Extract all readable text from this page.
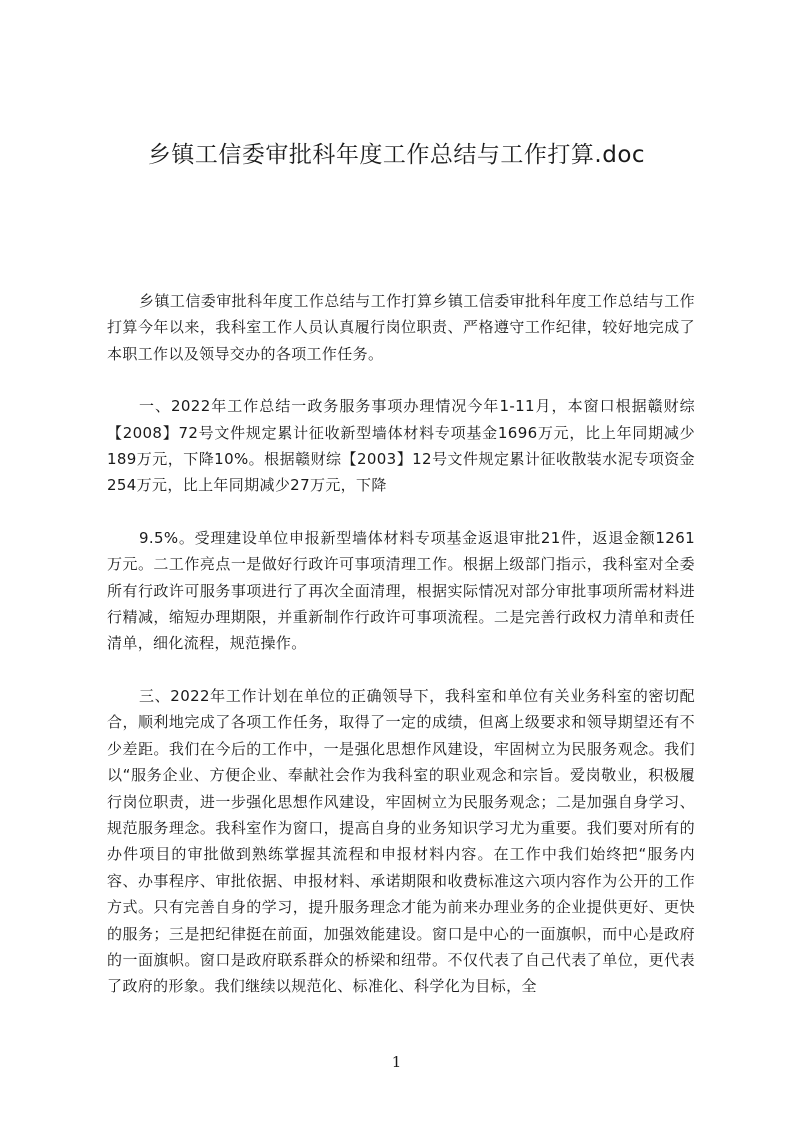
乡镇工信委审批科年度工作总结与工作打算.doc

乡镇工信委审批科年度工作总结与工作打算乡镇工信委审批科年度工作总结与工作打算今年以来，我科室工作人员认真履行岗位职责、严格遵守工作纪律，较好地完成了本职工作以及领导交办的各项工作任务。

一、2022年工作总结一政务服务事项办理情况今年1-11月，本窗口根据赣财综【2008】72号文件规定累计征收新型墙体材料专项基金1696万元，比上年同期减少189万元，下降10%。根据赣财综【2003】12号文件规定累计征收散装水泥专项资金254万元，比上年同期减少27万元，下降

9.5%。受理建设单位申报新型墙体材料专项基金返退审批21件，返退金额1261万元。二工作亮点一是做好行政许可事项清理工作。根据上级部门指示，我科室对全委所有行政许可服务事项进行了再次全面清理，根据实际情况对部分审批事项所需材料进行精减，缩短办理期限，并重新制作行政许可事项流程。二是完善行政权力清单和责任清单，细化流程，规范操作。

三、2022年工作计划在单位的正确领导下，我科室和单位有关业务科室的密切配合，顺利地完成了各项工作任务，取得了一定的成绩，但离上级要求和领导期望还有不少差距。我们在今后的工作中，一是强化思想作风建设，牢固树立为民服务观念。我们以“服务企业、方便企业、奉献社会作为我科室的职业观念和宗旨。爱岗敬业，积极履行岗位职责，进一步强化思想作风建设，牢固树立为民服务观念；二是加强自身学习、规范服务理念。我科室作为窗口，提高自身的业务知识学习尤为重要。我们要对所有的办件项目的审批做到熟练掌握其流程和申报材料内容。在工作中我们始终把“服务内容、办事程序、审批依据、申报材料、承诺期限和收费标准这六项内容作为公开的工作方式。只有完善自身的学习，提升服务理念才能为前来办理业务的企业提供更好、更快的服务；三是把纪律挺在前面，加强效能建设。窗口是中心的一面旗帜，而中心是政府的一面旗帜。窗口是政府联系群众的桥梁和纽带。不仅代表了自己代表了单位，更代表了政府的形象。我们继续以规范化、标准化、科学化为目标，全

1
